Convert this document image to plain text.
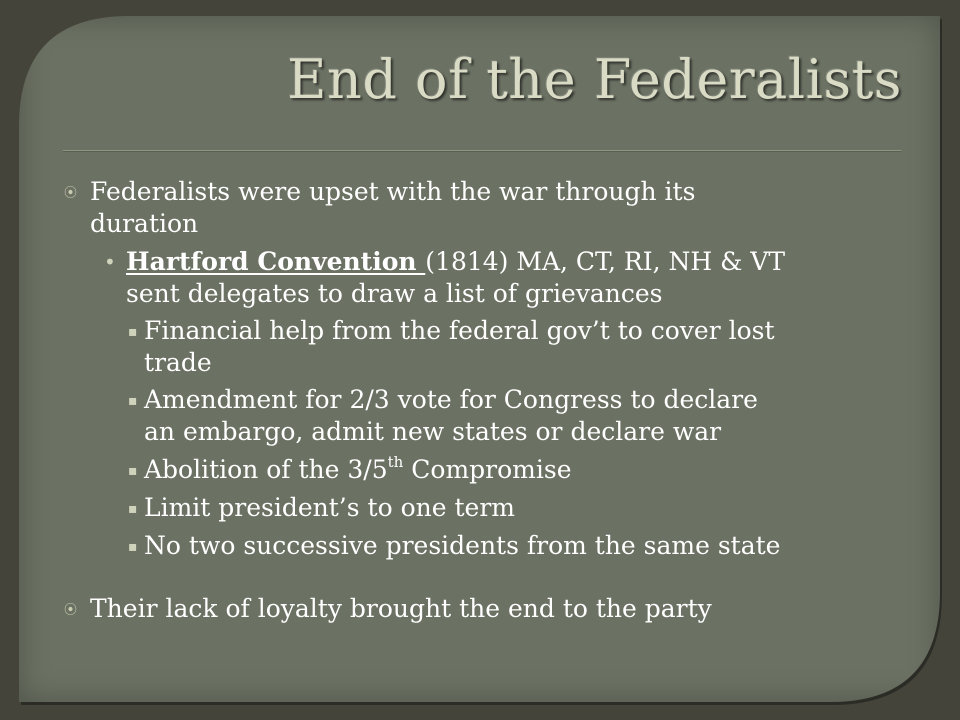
End of the Federalists
⦿ Federalists were upset with the war through its
duration
• Hartford Convention (1814) MA, CT, RI, NH & VT
sent delegates to draw a list of grievances
▪ Financial help from the federal gov’t to cover lost
trade
▪ Amendment for 2/3 vote for Congress to declare
an embargo, admit new states or declare war
▪ Abolition of the 3/5th Compromise
▪ Limit president’s to one term
▪ No two successive presidents from the same state
⦿ Their lack of loyalty brought the end to the party
